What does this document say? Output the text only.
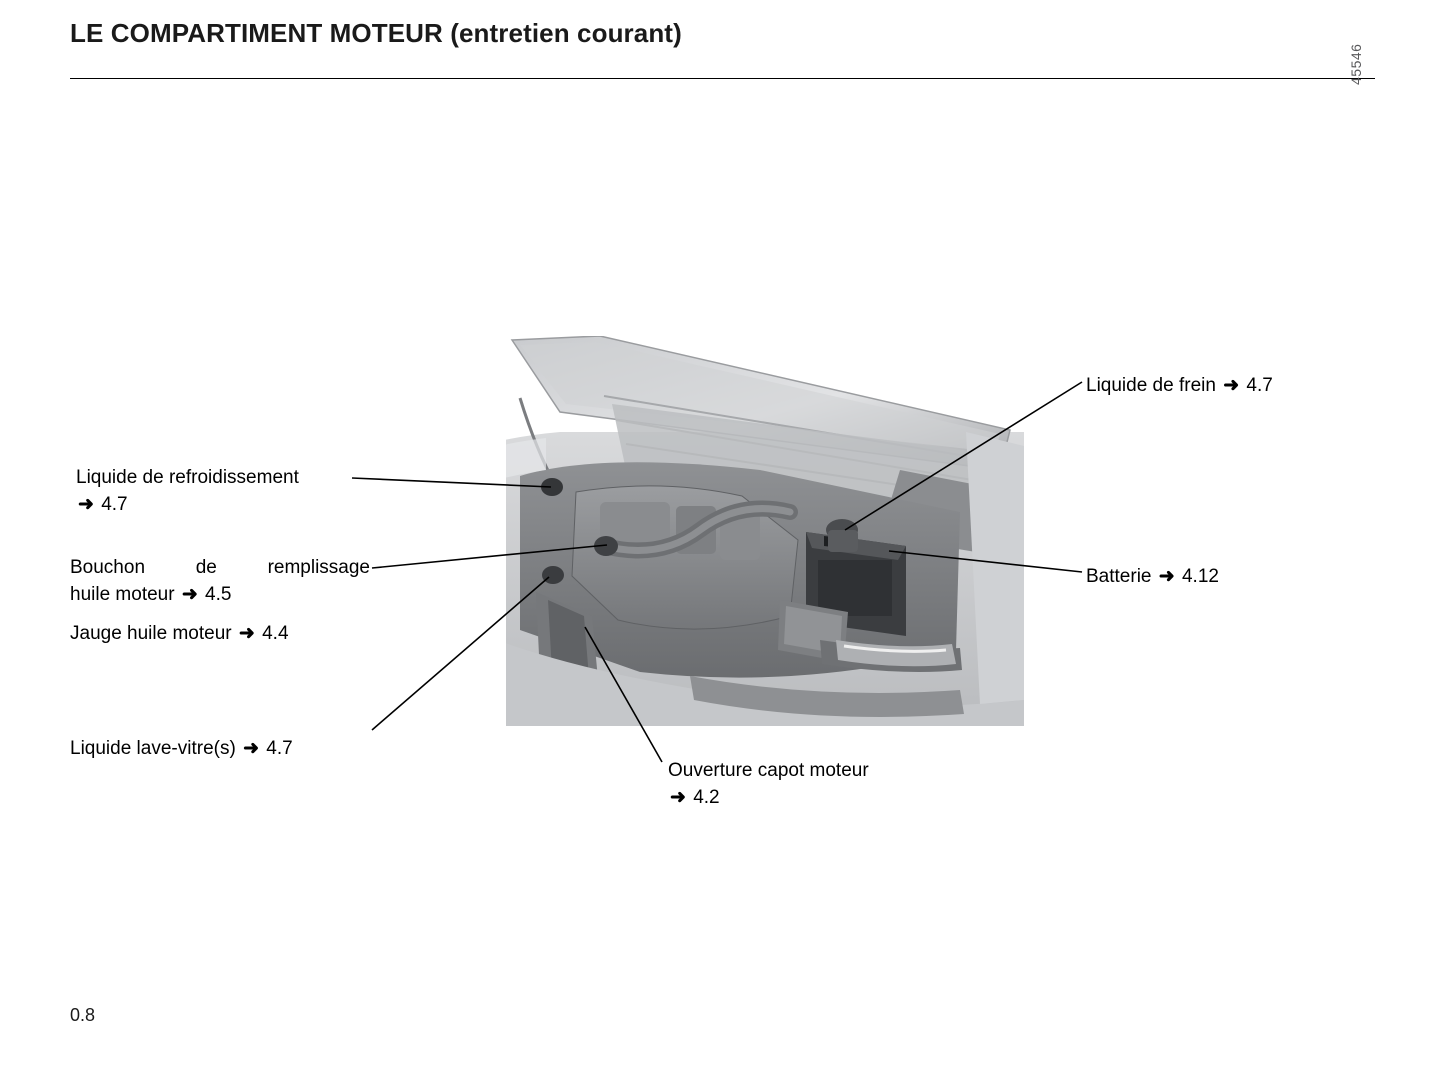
LE COMPARTIMENT MOTEUR (entretien courant)
45546
Liquide de refroidissement
➜ 4.7
Bouchon	de	remplissage
huile moteur ➜ 4.5
Jauge huile moteur ➜ 4.4
Liquide lave-vitre(s) ➜ 4.7
Liquide de frein ➜ 4.7
Batterie ➜ 4.12
Ouverture capot moteur
➜ 4.2
0.8
